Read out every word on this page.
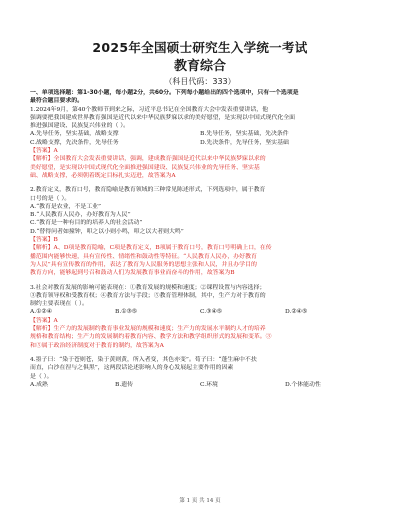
2025年全国硕士研究生入学统一考试
教育综合
（科目代码：333）
一、单项选择题：第1-30小题，每小题2分，共60分。下列每小题给出的四个选项中，只有一个选项是
最符合题目要求的。
1.2024年9月，第40个教师节到来之际，习近平总书记在全国教育大会中发表重要讲话，他
强调要把我国建成世界教育强国是近代以来中华民族梦寐以求的美好愿望，是实现以中国式现代化全面
推进强国建设、民族复兴伟业的（ ）。
A.先导任务，坚实基础，战略支撑	B.先导任务，坚实基础，先决条件
C.战略支撑，先决条件，先导任务	D.先决条件，先导任务，坚实基础
【答案】A
【解析】全国教育大会发表重要讲话，强调，建成教育强国是近代以来中华民族梦寐以求的
美好愿望，是实现以中国式现代化全面推进强国建设、民族复兴伟业的先导任务、坚实基
础、战略支撑，必须朝着既定目标扎实迈进，故答案为A
2.教育定义，教育口号，教育隐喻是教育领域的三种常见陈述形式，下列选项中，属于教育
口号的是（ ）。
A.“教育是农业，不是工业”
B.“人民教育人民办，办好教育为人民”
C.“教育是一种有目的的培养人的社会活动”
D.“替得问者如撞钟，叩之以小则小鸣，叩之以大者则大鸣”
【答案】B
【解析】A、D项是教育隐喻，C项是教育定义，B项属于教育口号，教育口号明确上口，在传
播范围内能够快速，具有宣传性、情绪性和鼓动性等特征。“人民教育人民办，办好教育
为人民”具有宣传教育的作用，表达了教育为人民服务的思想主张和人民，并且办学目的
教育方向，能够起到号召和鼓动人们为发展教育事业而奋斗的作用，故答案为B
3.社会对教育发展的影响可能表现在：①教育发展的规模和速度；②课程设置与内容选择；
③教育领导权和受教育权；④教育方法与手段；⑤教育管理体制，其中，生产力对于教育的
制约主要表现在（ ）。
A.①②④	B.①③⑤	C.③④⑤	D.②④⑤
【答案】A
【解析】生产力的发展制约教育事业发展的规模和速度；生产力的发展水平制约人才的培养
规格和教育结构；生产力的发展制约着教育内容、教学方法和教学组织形式的发展和变革。③
和⑤属于政治经济制度对于教育的制约，故答案为A
4.墨子曰：“染于苍则苍，染于黄则黄，所入者变，其色亦变”。荀子曰：“蓬生麻中不扶
而直，白沙在涅与之俱黑”，这两段话论述影响人的身心发展起主要作用的因素
是（ ）。
A.成熟	B.遗传	C.环境	D.个体能动性
第 1 页 共 14 页
